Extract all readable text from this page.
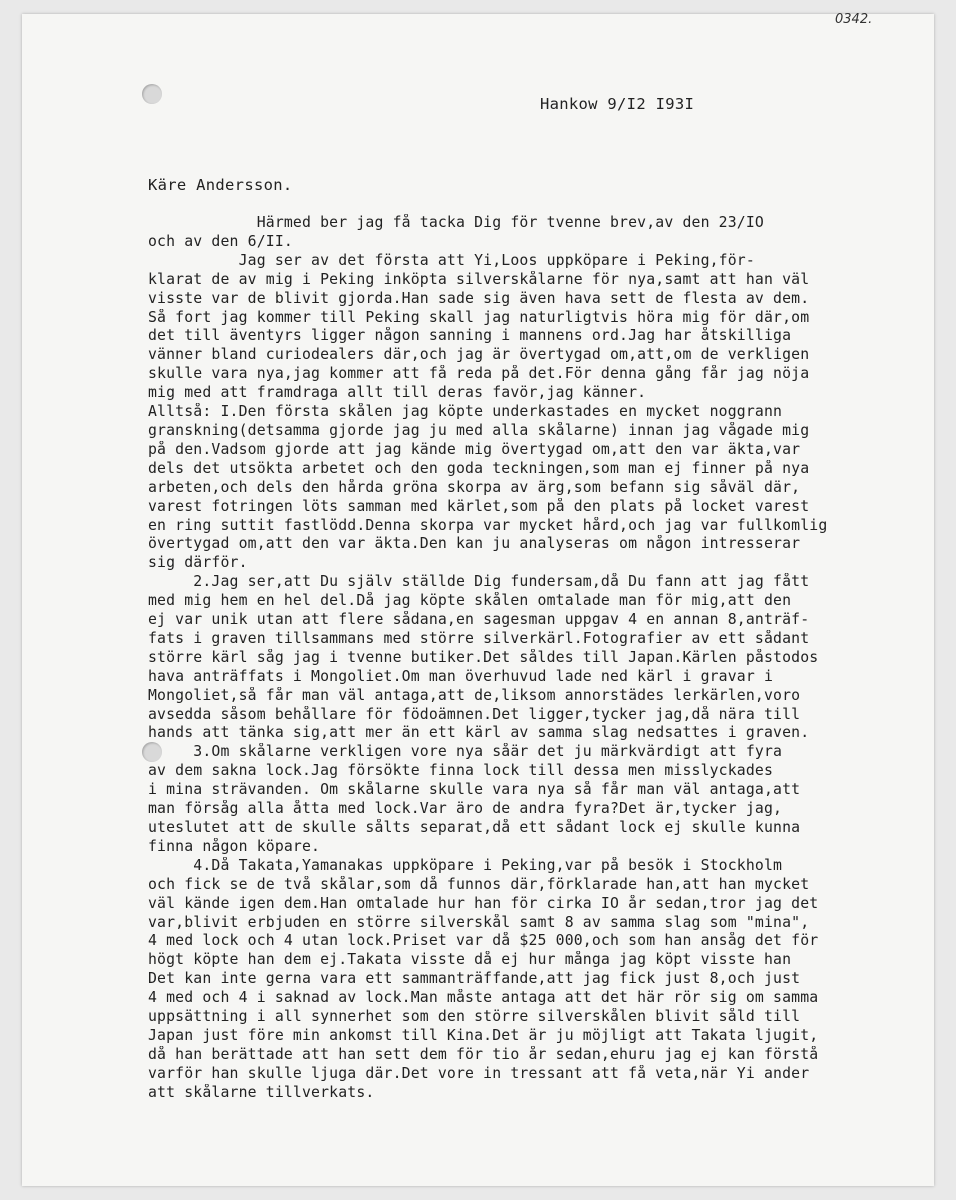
0342.
Hankow 9/I2 I93I
Käre Andersson.
Härmed ber jag få tacka Dig för tvenne brev,av den 23/IO
och av den 6/II.
Jag ser av det första att Yi,Loos uppköpare i Peking,för-
klarat de av mig i Peking inköpta silverskålarne för nya,samt att han väl
visste var de blivit gjorda.Han sade sig även hava sett de flesta av dem.
Så fort jag kommer till Peking skall jag naturligtvis höra mig för där,om
det till äventyrs ligger någon sanning i mannens ord.Jag har åtskilliga
vänner bland curiodealers där,och jag är övertygad om,att,om de verkligen
skulle vara nya,jag kommer att få reda på det.För denna gång får jag nöja
mig med att framdraga allt till deras favör,jag känner.
Alltså: I.Den första skålen jag köpte underkastades en mycket noggrann
granskning(detsamma gjorde jag ju med alla skålarne) innan jag vågade mig
på den.Vadsom gjorde att jag kände mig övertygad om,att den var äkta,var
dels det utsökta arbetet och den goda teckningen,som man ej finner på nya
arbeten,och dels den hårda gröna skorpa av ärg,som befann sig såväl där,
varest fotringen löts samman med kärlet,som på den plats på locket varest
en ring suttit fastlödd.Denna skorpa var mycket hård,och jag var fullkomlig
övertygad om,att den var äkta.Den kan ju analyseras om någon intresserar
sig därför.
2.Jag ser,att Du själv ställde Dig fundersam,då Du fann att jag fått
med mig hem en hel del.Då jag köpte skålen omtalade man för mig,att den
ej var unik utan att flere sådana,en sagesman uppgav 4 en annan 8,anträf-
fats i graven tillsammans med större silverkärl.Fotografier av ett sådant
större kärl såg jag i tvenne butiker.Det såldes till Japan.Kärlen påstodos
hava anträffats i Mongoliet.Om man överhuvud lade ned kärl i gravar i
Mongoliet,så får man väl antaga,att de,liksom annorstädes lerkärlen,voro
avsedda såsom behållare för födoämnen.Det ligger,tycker jag,då nära till
hands att tänka sig,att mer än ett kärl av samma slag nedsattes i graven.
3.Om skålarne verkligen vore nya såär det ju märkvärdigt att fyra
av dem sakna lock.Jag försökte finna lock till dessa men misslyckades
i mina strävanden. Om skålarne skulle vara nya så får man väl antaga,att
man försåg alla åtta med lock.Var äro de andra fyra?Det är,tycker jag,
uteslutet att de skulle sålts separat,då ett sådant lock ej skulle kunna
finna någon köpare.
4.Då Takata,Yamanakas uppköpare i Peking,var på besök i Stockholm
och fick se de två skålar,som då funnos där,förklarade han,att han mycket
väl kände igen dem.Han omtalade hur han för cirka IO år sedan,tror jag det
var,blivit erbjuden en större silverskål samt 8 av samma slag som "mina",
4 med lock och 4 utan lock.Priset var då $25 000,och som han ansåg det för
högt köpte han dem ej.Takata visste då ej hur många jag köpt visste han
Det kan inte gerna vara ett sammanträffande,att jag fick just 8,och just
4 med och 4 i saknad av lock.Man måste antaga att det här rör sig om samma
uppsättning i all synnerhet som den större silverskålen blivit såld till
Japan just före min ankomst till Kina.Det är ju möjligt att Takata ljugit,
då han berättade att han sett dem för tio år sedan,ehuru jag ej kan förstå
varför han skulle ljuga där.Det vore in tressant att få veta,när Yi ander
att skålarne tillverkats.
